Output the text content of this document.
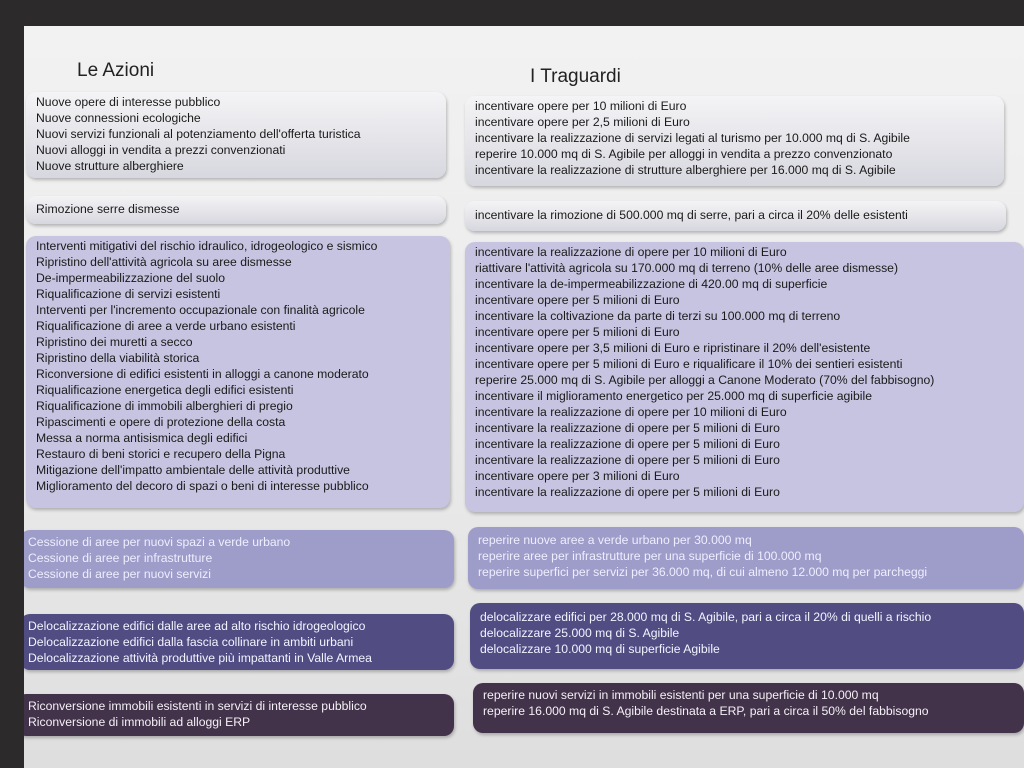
Le Azioni	I Traguardi
Nuove opere di interesse pubblico
Nuove connessioni ecologiche
Nuovi servizi funzionali al potenziamento dell'offerta turistica
Nuovi alloggi in vendita a prezzi convenzionati
Nuove strutture alberghiere
incentivare opere per 10 milioni di Euro
incentivare opere per 2,5 milioni di Euro
incentivare la realizzazione di servizi legati al turismo per 10.000 mq di S. Agibile
reperire 10.000 mq di S. Agibile per alloggi in vendita a prezzo convenzionato
incentivare la realizzazione di strutture alberghiere per 16.000 mq di S. Agibile
Rimozione serre dismesse	incentivare la rimozione di 500.000 mq di serre, pari a circa il 20% delle esistenti
Interventi mitigativi del rischio idraulico, idrogeologico e sismico
Ripristino dell'attività agricola su aree dismesse
De-impermeabilizzazione del suolo
Riqualificazione di servizi esistenti
Interventi per l'incremento occupazionale con finalità agricole
Riqualificazione di aree a verde urbano esistenti
Ripristino dei muretti a secco
Ripristino della viabilità storica
Riconversione di edifici esistenti in alloggi a canone moderato
Riqualificazione energetica degli edifici esistenti
Riqualificazione di immobili alberghieri di pregio
Ripascimenti e opere di protezione della costa
Messa a norma antisismica degli edifici
Restauro di beni storici e recupero della Pigna
Mitigazione dell'impatto ambientale delle attività produttive
Miglioramento del decoro di spazi o beni di interesse pubblico
incentivare la realizzazione di opere per 10 milioni di Euro
riattivare l'attività agricola su 170.000 mq di terreno (10% delle aree dismesse)
incentivare la de-impermeabilizzazione di 420.00 mq di superficie
incentivare opere per 5 milioni di Euro
incentivare la coltivazione da parte di terzi su 100.000 mq di terreno
incentivare opere per 5 milioni di Euro
incentivare opere per 3,5 milioni di Euro e ripristinare il 20% dell'esistente
incentivare opere per 5 milioni di Euro e riqualificare il 10% dei sentieri esistenti
reperire 25.000 mq di S. Agibile per alloggi a Canone Moderato (70% del fabbisogno)
incentivare il miglioramento energetico per 25.000 mq di superficie agibile
incentivare la realizzazione di opere per 10 milioni di Euro
incentivare la realizzazione di opere per 5 milioni di Euro
incentivare la realizzazione di opere per 5 milioni di Euro
incentivare la realizzazione di opere per 5 milioni di Euro
incentivare opere per 3 milioni di Euro
incentivare la realizzazione di opere per 5 milioni di Euro
Cessione di aree per nuovi spazi a verde urbano
Cessione di aree per infrastrutture
Cessione di aree per nuovi servizi
reperire nuove aree a verde urbano per 30.000 mq
reperire aree per infrastrutture per una superficie di 100.000 mq
reperire superfici per servizi per 36.000 mq, di cui almeno 12.000 mq per parcheggi
Delocalizzazione edifici dalle aree ad alto rischio idrogeologico
Delocalizzazione edifici dalla fascia collinare in ambiti urbani
Delocalizzazione attività produttive più impattanti in Valle Armea
delocalizzare edifici per 28.000 mq di S. Agibile, pari a circa il 20% di quelli a rischio
delocalizzare 25.000 mq di S. Agibile
delocalizzare 10.000 mq di superficie Agibile
Riconversione immobili esistenti in servizi di interesse pubblico
Riconversione di immobili ad alloggi ERP
reperire nuovi servizi in immobili esistenti per una superficie di 10.000 mq
reperire 16.000 mq di S. Agibile destinata a ERP, pari a circa il 50% del fabbisogno
